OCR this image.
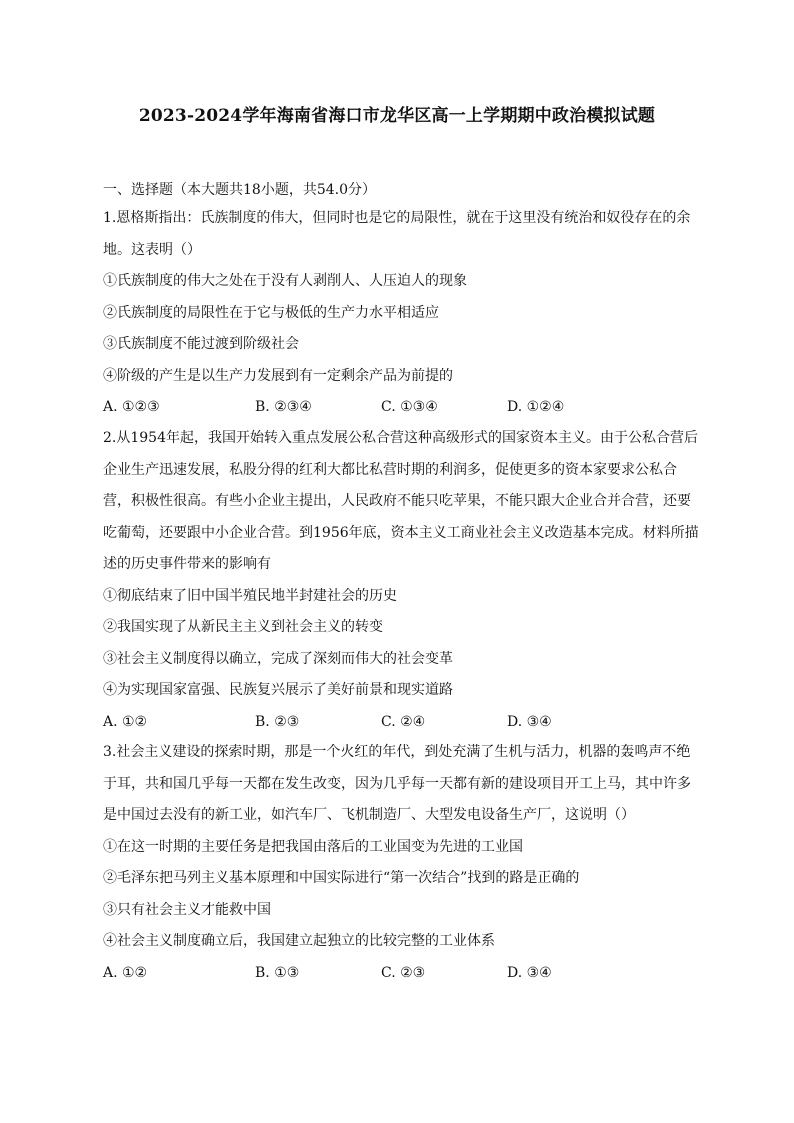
2023-2024学年海南省海口市龙华区高一上学期期中政治模拟试题
一、选择题（本大题共18小题，共54.0分）

1.恩格斯指出：氏族制度的伟大，但同时也是它的局限性，就在于这里没有统治和奴役存在的余地。这表明（）

①氏族制度的伟大之处在于没有人剥削人、人压迫人的现象

②氏族制度的局限性在于它与极低的生产力水平相适应

③氏族制度不能过渡到阶级社会

④阶级的产生是以生产力发展到有一定剩余产品为前提的

A. ①②③	B. ②③④	C. ①③④	D. ①②④

2.从1954年起，我国开始转入重点发展公私合营这种高级形式的国家资本主义。由于公私合营后企业生产迅速发展，私股分得的红利大都比私营时期的利润多，促使更多的资本家要求公私合营，积极性很高。有些小企业主提出，人民政府不能只吃苹果，不能只跟大企业合并合营，还要吃葡萄，还要跟中小企业合营。到1956年底，资本主义工商业社会主义改造基本完成。材料所描述的历史事件带来的影响有

①彻底结束了旧中国半殖民地半封建社会的历史

②我国实现了从新民主主义到社会主义的转变

③社会主义制度得以确立，完成了深刻而伟大的社会变革

④为实现国家富强、民族复兴展示了美好前景和现实道路

A. ①②	B. ②③	C. ②④	D. ③④

3.社会主义建设的探索时期，那是一个火红的年代，到处充满了生机与活力，机器的轰鸣声不绝于耳，共和国几乎每一天都在发生改变，因为几乎每一天都有新的建设项目开工上马，其中许多是中国过去没有的新工业，如汽车厂、飞机制造厂、大型发电设备生产厂，这说明（）

①在这一时期的主要任务是把我国由落后的工业国变为先进的工业国

②毛泽东把马列主义基本原理和中国实际进行“第一次结合”找到的路是正确的

③只有社会主义才能救中国

④社会主义制度确立后，我国建立起独立的比较完整的工业体系

A. ①②	B. ①③	C. ②③	D. ③④
